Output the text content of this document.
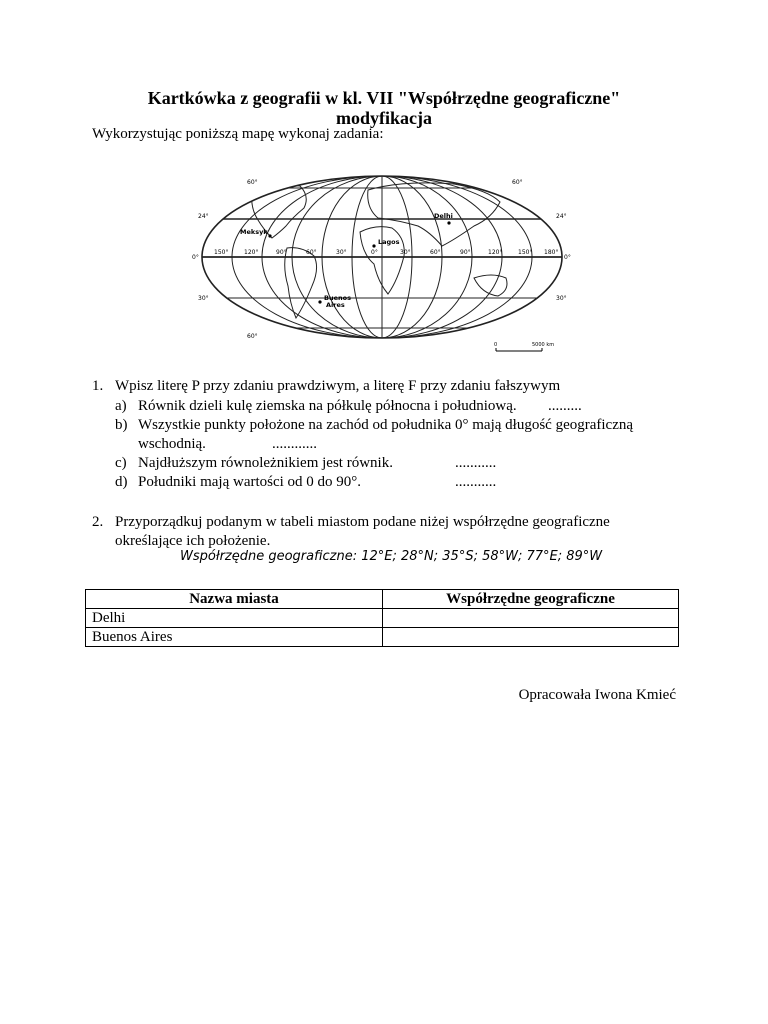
Kartkówka z geografii w kl. VII "Współrzędne geograficzne"
modyfikacja
Wykorzystując poniższą mapę wykonaj zadania:
60°
24°
0°
30°
60°
60°
24°
0°
30°
150°	120°	90°	60°	30°	0°	30°	60°	90°	120°	150° 180°
Delhi
Meksyk
Lagos
Buenos
Aires
0	5000 km
1. Wpisz literę P przy zdaniu prawdziwym, a literę F przy zdaniu fałszywym
a) Równik dzieli kulę ziemska na półkulę północna i południową. .........
b) Wszystkie punkty położone na zachód od południka 0° mają długość geograficzną
wschodnią.	............
c) Najdłuższym równoleżnikiem jest równik.	...........
d) Południki mają wartości od 0 do 90°.	...........
2. Przyporządkuj podanym w tabeli miastom podane niżej współrzędne geograficzne
określające ich położenie.
Współrzędne geograficzne: 12°E; 28°N; 35°S; 58°W; 77°E; 89°W
Nazwa miasta	Współrzędne geograficzne
Delhi	
Buenos Aires	
Opracowała Iwona Kmieć
